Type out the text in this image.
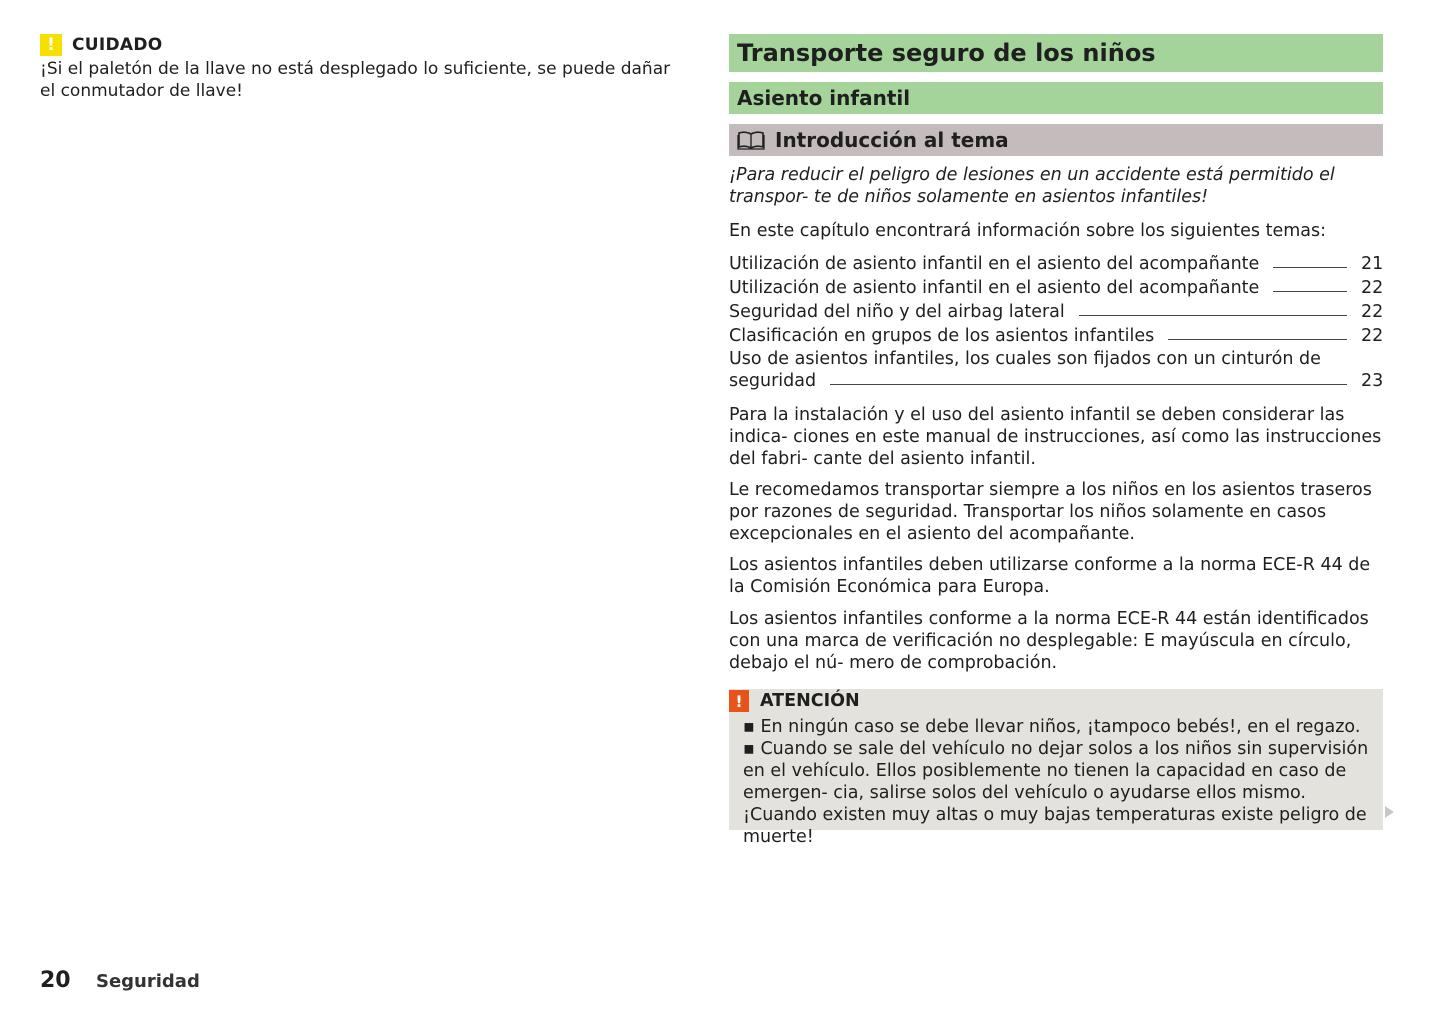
!	CUIDADO
¡Si el paletón de la llave no está desplegado lo suficiente, se puede dañar el conmutador de llave!
Transporte seguro de los niños
Asiento infantil
Introducción al tema
¡Para reducir el peligro de lesiones en un accidente está permitido el transpor- te de niños solamente en asientos infantiles!
En este capítulo encontrará información sobre los siguientes temas:
Utilización de asiento infantil en el asiento del acompañante	21
Utilización de asiento infantil en el asiento del acompañante	22
Seguridad del niño y del airbag lateral	22
Clasificación en grupos de los asientos infantiles	22
Uso de asientos infantiles, los cuales son fijados con un cinturón de
seguridad	23
Para la instalación y el uso del asiento infantil se deben considerar las indica- ciones en este manual de instrucciones, así como las instrucciones del fabri- cante del asiento infantil.
Le recomedamos transportar siempre a los niños en los asientos traseros por razones de seguridad. Transportar los niños solamente en casos excepcionales en el asiento del acompañante.
Los asientos infantiles deben utilizarse conforme a la norma ECE-R 44 de la Comisión Económica para Europa.
Los asientos infantiles conforme a la norma ECE-R 44 están identificados con una marca de verificación no desplegable: E mayúscula en círculo, debajo el nú- mero de comprobación.
! ATENCIÓN
▪ En ningún caso se debe llevar niños, ¡tampoco bebés!, en el regazo.
▪ Cuando se sale del vehículo no dejar solos a los niños sin supervisión en el vehículo. Ellos posiblemente no tienen la capacidad en caso de emergen- cia, salirse solos del vehículo o ayudarse ellos mismo. ¡Cuando existen muy altas o muy bajas temperaturas existe peligro de muerte!
20 Seguridad
